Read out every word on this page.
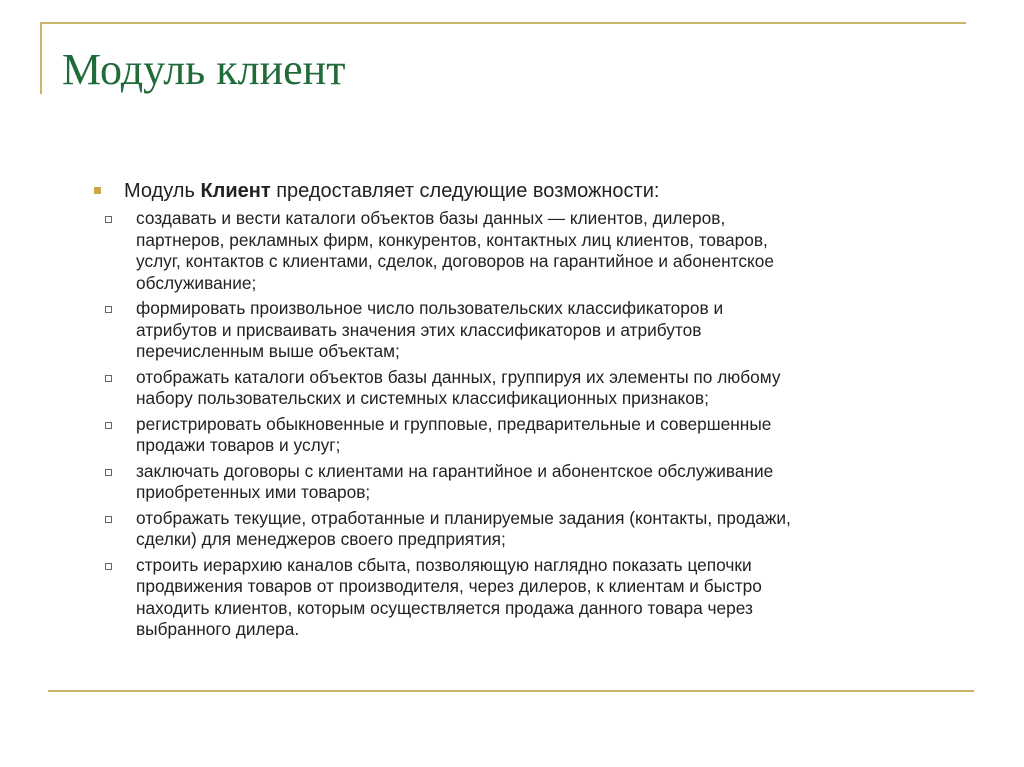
Модуль клиент
Модуль Клиент предоставляет следующие возможности:
создавать и вести каталоги объектов базы данных — клиентов, дилеров,
партнеров, рекламных фирм, конкурентов, контактных лиц клиентов, товаров,
услуг, контактов с клиентами, сделок, договоров на гарантийное и абонентское
обслуживание;
формировать произвольное число пользовательских классификаторов и
атрибутов и присваивать значения этих классификаторов и атрибутов
перечисленным выше объектам;
отображать каталоги объектов базы данных, группируя их элементы по любому
набору пользовательских и системных классификационных признаков;
регистрировать обыкновенные и групповые, предварительные и совершенные
продажи товаров и услуг;
заключать договоры с клиентами на гарантийное и абонентское обслуживание
приобретенных ими товаров;
отображать текущие, отработанные и планируемые задания (контакты, продажи,
сделки) для менеджеров своего предприятия;
строить иерархию каналов сбыта, позволяющую наглядно показать цепочки
продвижения товаров от производителя, через дилеров, к клиентам и быстро
находить клиентов, которым осуществляется продажа данного товара через
выбранного дилера.
